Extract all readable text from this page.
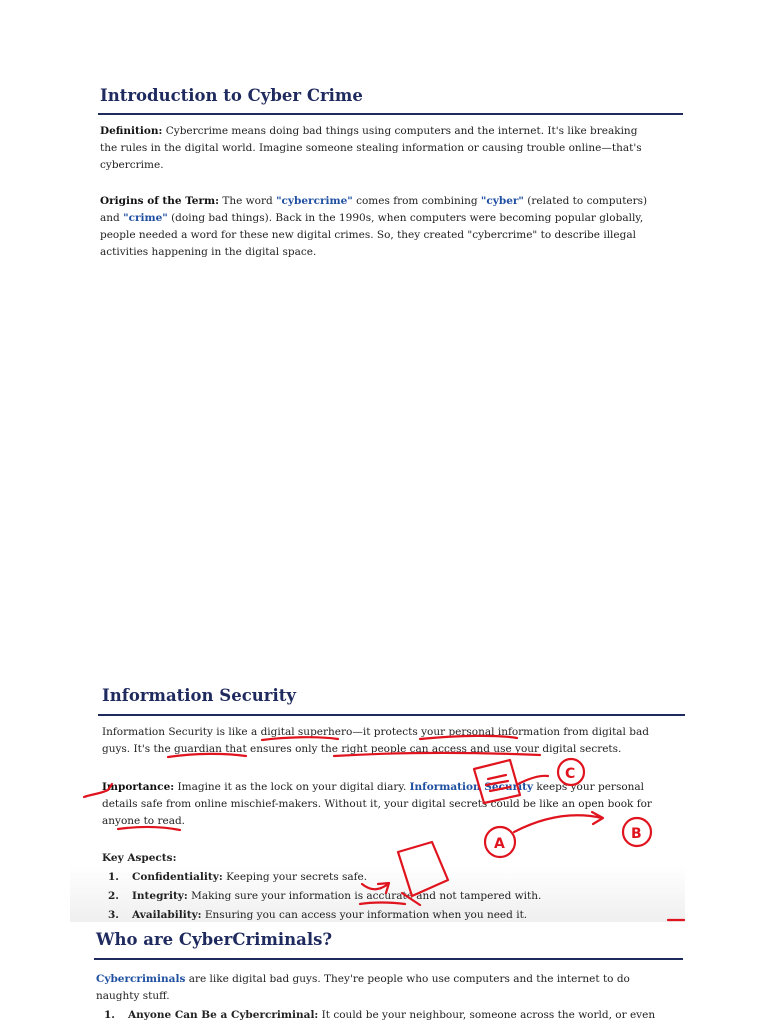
Introduction to Cyber Crime
Definition: Cybercrime means doing bad things using computers and the internet. It's like breaking the rules in the digital world. Imagine someone stealing information or causing trouble online—that's cybercrime.
Origins of the Term: The word "cybercrime" comes from combining "cyber" (related to computers) and "crime" (doing bad things). Back in the 1990s, when computers were becoming popular globally, people needed a word for these new digital crimes. So, they created "cybercrime" to describe illegal activities happening in the digital space.
Information Security
Information Security is like a digital superhero—it protects your personal information from digital bad guys. It's the guardian that ensures only the right people can access and use your digital secrets.
Importance: Imagine it as the lock on your digital diary. Information Security keeps your personal details safe from online mischief-makers. Without it, your digital secrets could be like an open book for anyone to read.
Key Aspects:
1. Confidentiality: Keeping your secrets safe.
2. Integrity: Making sure your information is accurate and not tampered with.
3. Availability: Ensuring you can access your information when you need it.
Who are CyberCriminals?
Cybercriminals are like digital bad guys. They're people who use computers and the internet to do naughty stuff.
1. Anyone Can Be a Cybercriminal: It could be your neighbour, someone across the world, or even
C
A
B
